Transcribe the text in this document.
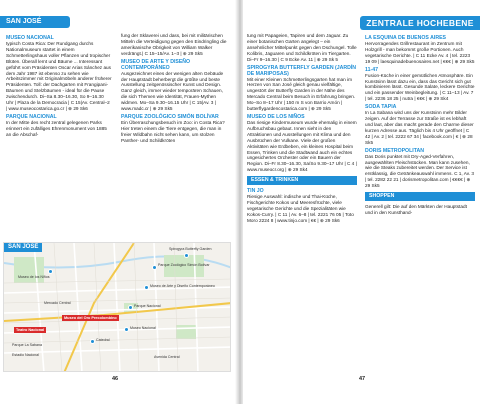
SAN JOSÉ
MUSEO NACIONAL

typisch Costa Rica: Der Rundgang durchs Nationalmuseum startet in einem Schmetterlingshaus voller Pflanzen und tropischer Blüten. Überall lernt und Bäume ... Interessant geführt vom Präsidenten Oscar Arias Sánchez aus dem Jahr 1987 ist ebenso zu sehen wie Arbeitszimmer mit Originalmöbeln anderer früherer Präsidenten. Toll: der Dachgarten mit Frangipani-Bäumen und Stelzbäumen - ideal für die Pause zwischendurch. Di–Sa 8.30–16.30, So 9–16.30 Uhr | Plaza de la Democracia | C 15|Av. Central–2 | www.museocostarica.go.cr | ⊕ 29 Sk6

PARQUE NACIONAL

In der Mitte des recht zentral gelegenen Parks erinnert ein zufälliges Ehrenmonument von 1885 an die Abschaf-

fung der Sklaverei und dass, bei mit militärischen Mitteln die Verteidigung gegen den Eindringling die amerikanische Obrigkeit von William Walker verdrängt.| C 15–15/Av. 1–3 | ⊕ 29 Sk5

MUSEO DE ARTE Y DISEÑO CONTEMPORÁNEO

Ausgezeichnet eines der wenigen alten Gebäude der Hauptstadt beherbergt die größte und beste Ausstellung zeitgenössischer Kunst und Design. Ganz gleich, immer wieder temporären Schauen, die sich Themen wie Identität, Frauen-Mythen widmen. Mo–Sa 9.30–16.15 Uhr | C 15|Av. 3 | www.madc.cr | ⊕ 29 Sk5

PARQUE ZOOLÓGICO SIMÓN BOLÍVAR

Ein Überraschungsbesuch im Zoo: in Costa Rica? Hier treten einem die Tiere entgegen, die man in freier Wildbahn nicht sehen kann, um stolzen Panther- und Schildkröten

SAN JOSÉ
Museo del Oro Precolombino
Teatro Nacional	Museo Nacional
Parque Nacional
Parque Zoológico Simón Bolívar
Museo de Arte y Diseño Contemporáneo
Spirogyra Butterfly Garden
Museo de los Niños
Catedral
Parque La Sabana
Estadio Nacional	Avenida Central
Mercado Central
46
ZENTRALE HOCHEBENE

tung mit Papageien, Tapiren und dem Jaguar. Zu einer botanischen Garten angelegt – ein ansehnlicher Mittelpunkt gegen den Dschungel. Tolle Kolibris, Jaguaren und Schildkröten im Tiergarten. Di–Fr 9–16.30 | C 9 Ecke Av. 11 | ⊕ 29 Sk 5

SPIROGYRA BUTTERFLY GARDEN (JARDÍN DE MARIPOSAS)

Mit einer Kleinen Schmetterlingsgarten hat man im Herzen von San José gleich genau vielfältige, ungestört der Butterfly Garden in der Nähe des Mercado Central beim Besuch in Erfahrung bringen. Mo–So 8–17 Uhr | 150 m S von Barrio Amón | butterflygardencostarica.com | ⊕ 29 Sk5

MUSEO DE LOS NIÑOS

Das riesige Kindermuseum wurde ehemalig in einem Aufbruchsbau gebaut. Innen sieht in den Attraktionen und Ausstellungen mit Klima und den Ausbrüchen der Vulkane. Viele der großen Aktivitäten wie Erdbeben, ein kleines Hospital beim Essen, Trinken und die Stadtwand auch ein echtes ungesichertes Orchester oder ein Bauern der Region. Di–Fr 8.30–16.30, Sa/So 9.30–17 Uhr | C 4 | www.museocr.org | ⊕ 29 Sk4

ESSEN & TRINKEN
TIN JO

Riesige Auswahl: indische und Thai-Küche, Fischgerichte Kokos und Meeresfrüchte, viele vegetarische Gerichte und die Spezialitäten wie Kokos-Curry. | C 11 | Av. 6–8 | tel. 2221 76 05 | Toto Moro 2224 8 | www.tinjo.com | €€ | ⊕ 29 Sk6

LA ESQUINA DE BUENOS AIRES

Hervorragendes Grillrestaurant im Zentrum mit Holzgrill - man bekommt große Portionen. Auch vegetarische Gerichte. | C 11 Ecke Av. 4 | tel. 2223 19 09 | laesquinadebuenosaires.net | €€€ | ⊕ 29 Sk5

11-47

Fusion-Küche in einer gemütlichen Atmosphäre. Ein Kunstsinn lässt dazu ein, dass das Gericht sich gut kombinieren lässt. Gesunde Salate, leckere Gerichte und ein passender Weinbegleitung. | C 11–13 | Av. 7 | tel. 2236 18 25 | nutra | €€€ | ⊕ 29 Sk4

SODA TAPIA

In La Sabana wird uns der Kunstsinn mehr Bilder zeigen. Auf der Terrasse zur Straße ist es lebhaft und laut, aber das macht gerade den Charme dieser kurzen Adresse aus. Täglich bis 4 Uhr geöffnet | C 42 | Av. 2 | tel. 2222 67 34 | facebook.com | € | ⊕ 28 Sk5

DORIS METROPOLITAN

Das Doris punktet mit Dry-Aged-Verfahren, ausgewählten Fleischstücken. Man kann zusehen, wie die Steaks zubereitet werden. Der Service ist erstklassig, die Getränkeauswahl immens. C 1, Av. 3 | tel. 2282 22 21 | dorismetropolitan.com | €€€€ | ⊕ 29 Sk5

SHOPPEN

Generell gilt: Die auf den Märkten der Hauptstadt und in den Kunsthand-

47
